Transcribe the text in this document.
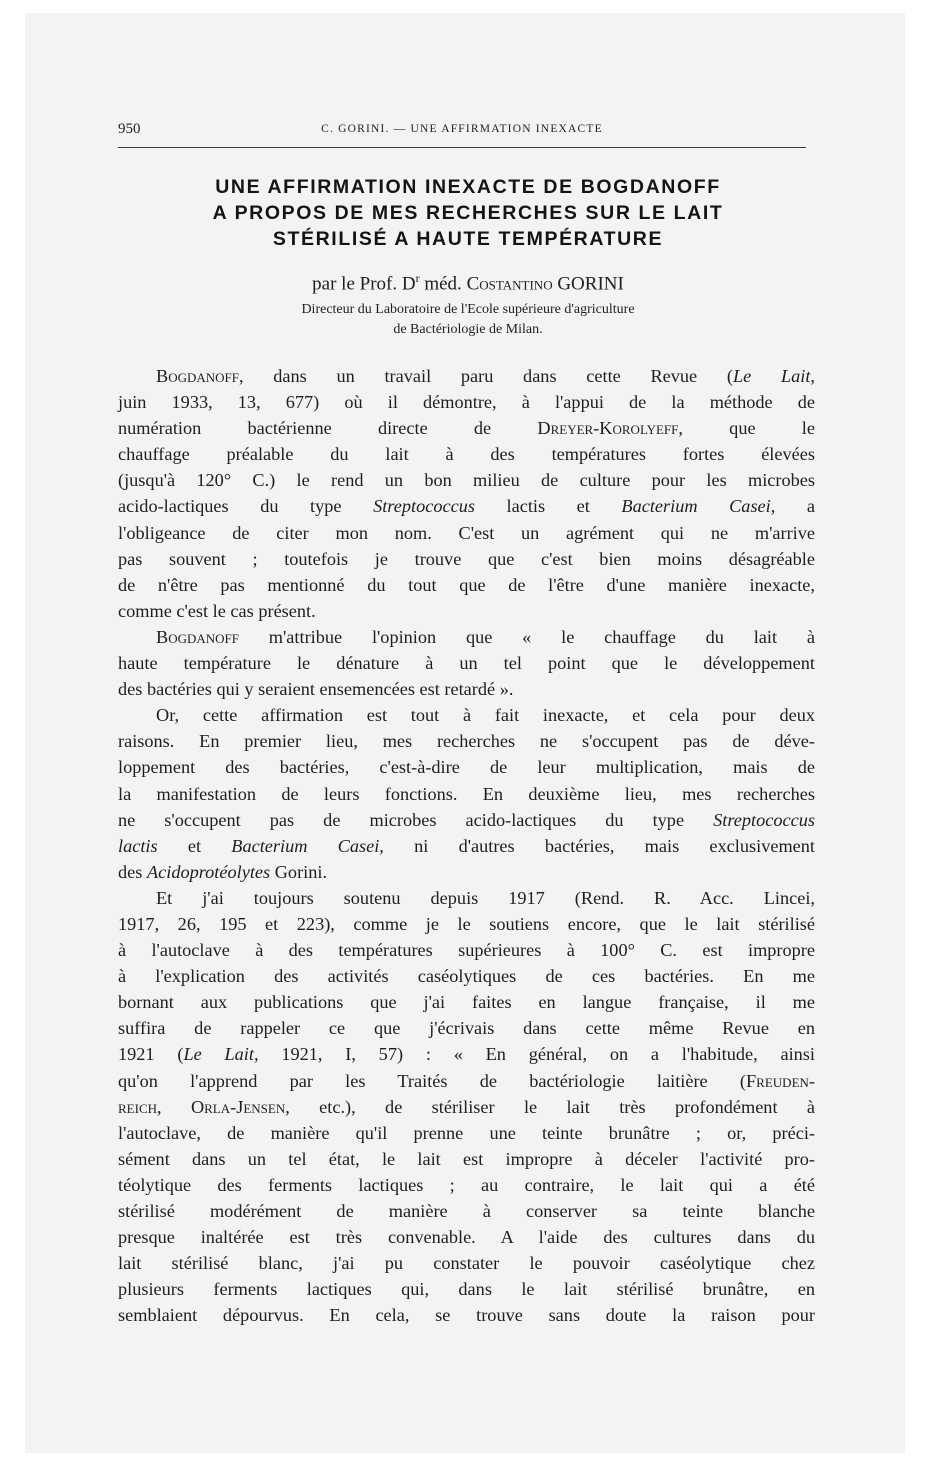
950	C. GORINI. — UNE AFFIRMATION INEXACTE
UNE AFFIRMATION INEXACTE DE BOGDANOFF
A PROPOS DE MES RECHERCHES SUR LE LAIT
STÉRILISÉ A HAUTE TEMPÉRATURE
par le Prof. $D^r$ méd. Costantino GORINI
Directeur du Laboratoire de l'Ecole supérieure d'agriculture
de Bactériologie de Milan.
Bogdanoff, dans un travail paru dans cette Revue (Le Lait,
juin 1933, 13, 677) où il démontre, à l'appui de la méthode de
numération bactérienne directe de Dreyer-Korolyeff, que le
chauffage préalable du lait à des températures fortes élevées
(jusqu'à 120° C.) le rend un bon milieu de culture pour les microbes
acido-lactiques du type Streptococcus lactis et Bacterium Casei, a
l'obligeance de citer mon nom. C'est un agrément qui ne m'arrive
pas souvent ; toutefois je trouve que c'est bien moins désagréable
de n'être pas mentionné du tout que de l'être d'une manière inexacte,
comme c'est le cas présent.
Bogdanoff m'attribue l'opinion que « le chauffage du lait à
haute température le dénature à un tel point que le développement
des bactéries qui y seraient ensemencées est retardé ».
Or, cette affirmation est tout à fait inexacte, et cela pour deux
raisons. En premier lieu, mes recherches ne s'occupent pas de déve-
loppement des bactéries, c'est-à-dire de leur multiplication, mais de
la manifestation de leurs fonctions. En deuxième lieu, mes recherches
ne s'occupent pas de microbes acido-lactiques du type Streptococcus
lactis et Bacterium Casei, ni d'autres bactéries, mais exclusivement
des Acidoprotéolytes Gorini.
Et j'ai toujours soutenu depuis 1917 (Rend. R. Acc. Lincei,
1917, 26, 195 et 223), comme je le soutiens encore, que le lait stérilisé
à l'autoclave à des températures supérieures à 100° C. est impropre
à l'explication des activités caséolytiques de ces bactéries. En me
bornant aux publications que j'ai faites en langue française, il me
suffira de rappeler ce que j'écrivais dans cette même Revue en
1921 (Le Lait, 1921, I, 57) : « En général, on a l'habitude, ainsi
qu'on l'apprend par les Traités de bactériologie laitière (Freuden-
reich, Orla-Jensen, etc.), de stériliser le lait très profondément à
l'autoclave, de manière qu'il prenne une teinte brunâtre ; or, préci-
sément dans un tel état, le lait est impropre à déceler l'activité pro-
téolytique des ferments lactiques ; au contraire, le lait qui a été
stérilisé modérément de manière à conserver sa teinte blanche
presque inaltérée est très convenable. A l'aide des cultures dans du
lait stérilisé blanc, j'ai pu constater le pouvoir caséolytique chez
plusieurs ferments lactiques qui, dans le lait stérilisé brunâtre, en
semblaient dépourvus. En cela, se trouve sans doute la raison pour
